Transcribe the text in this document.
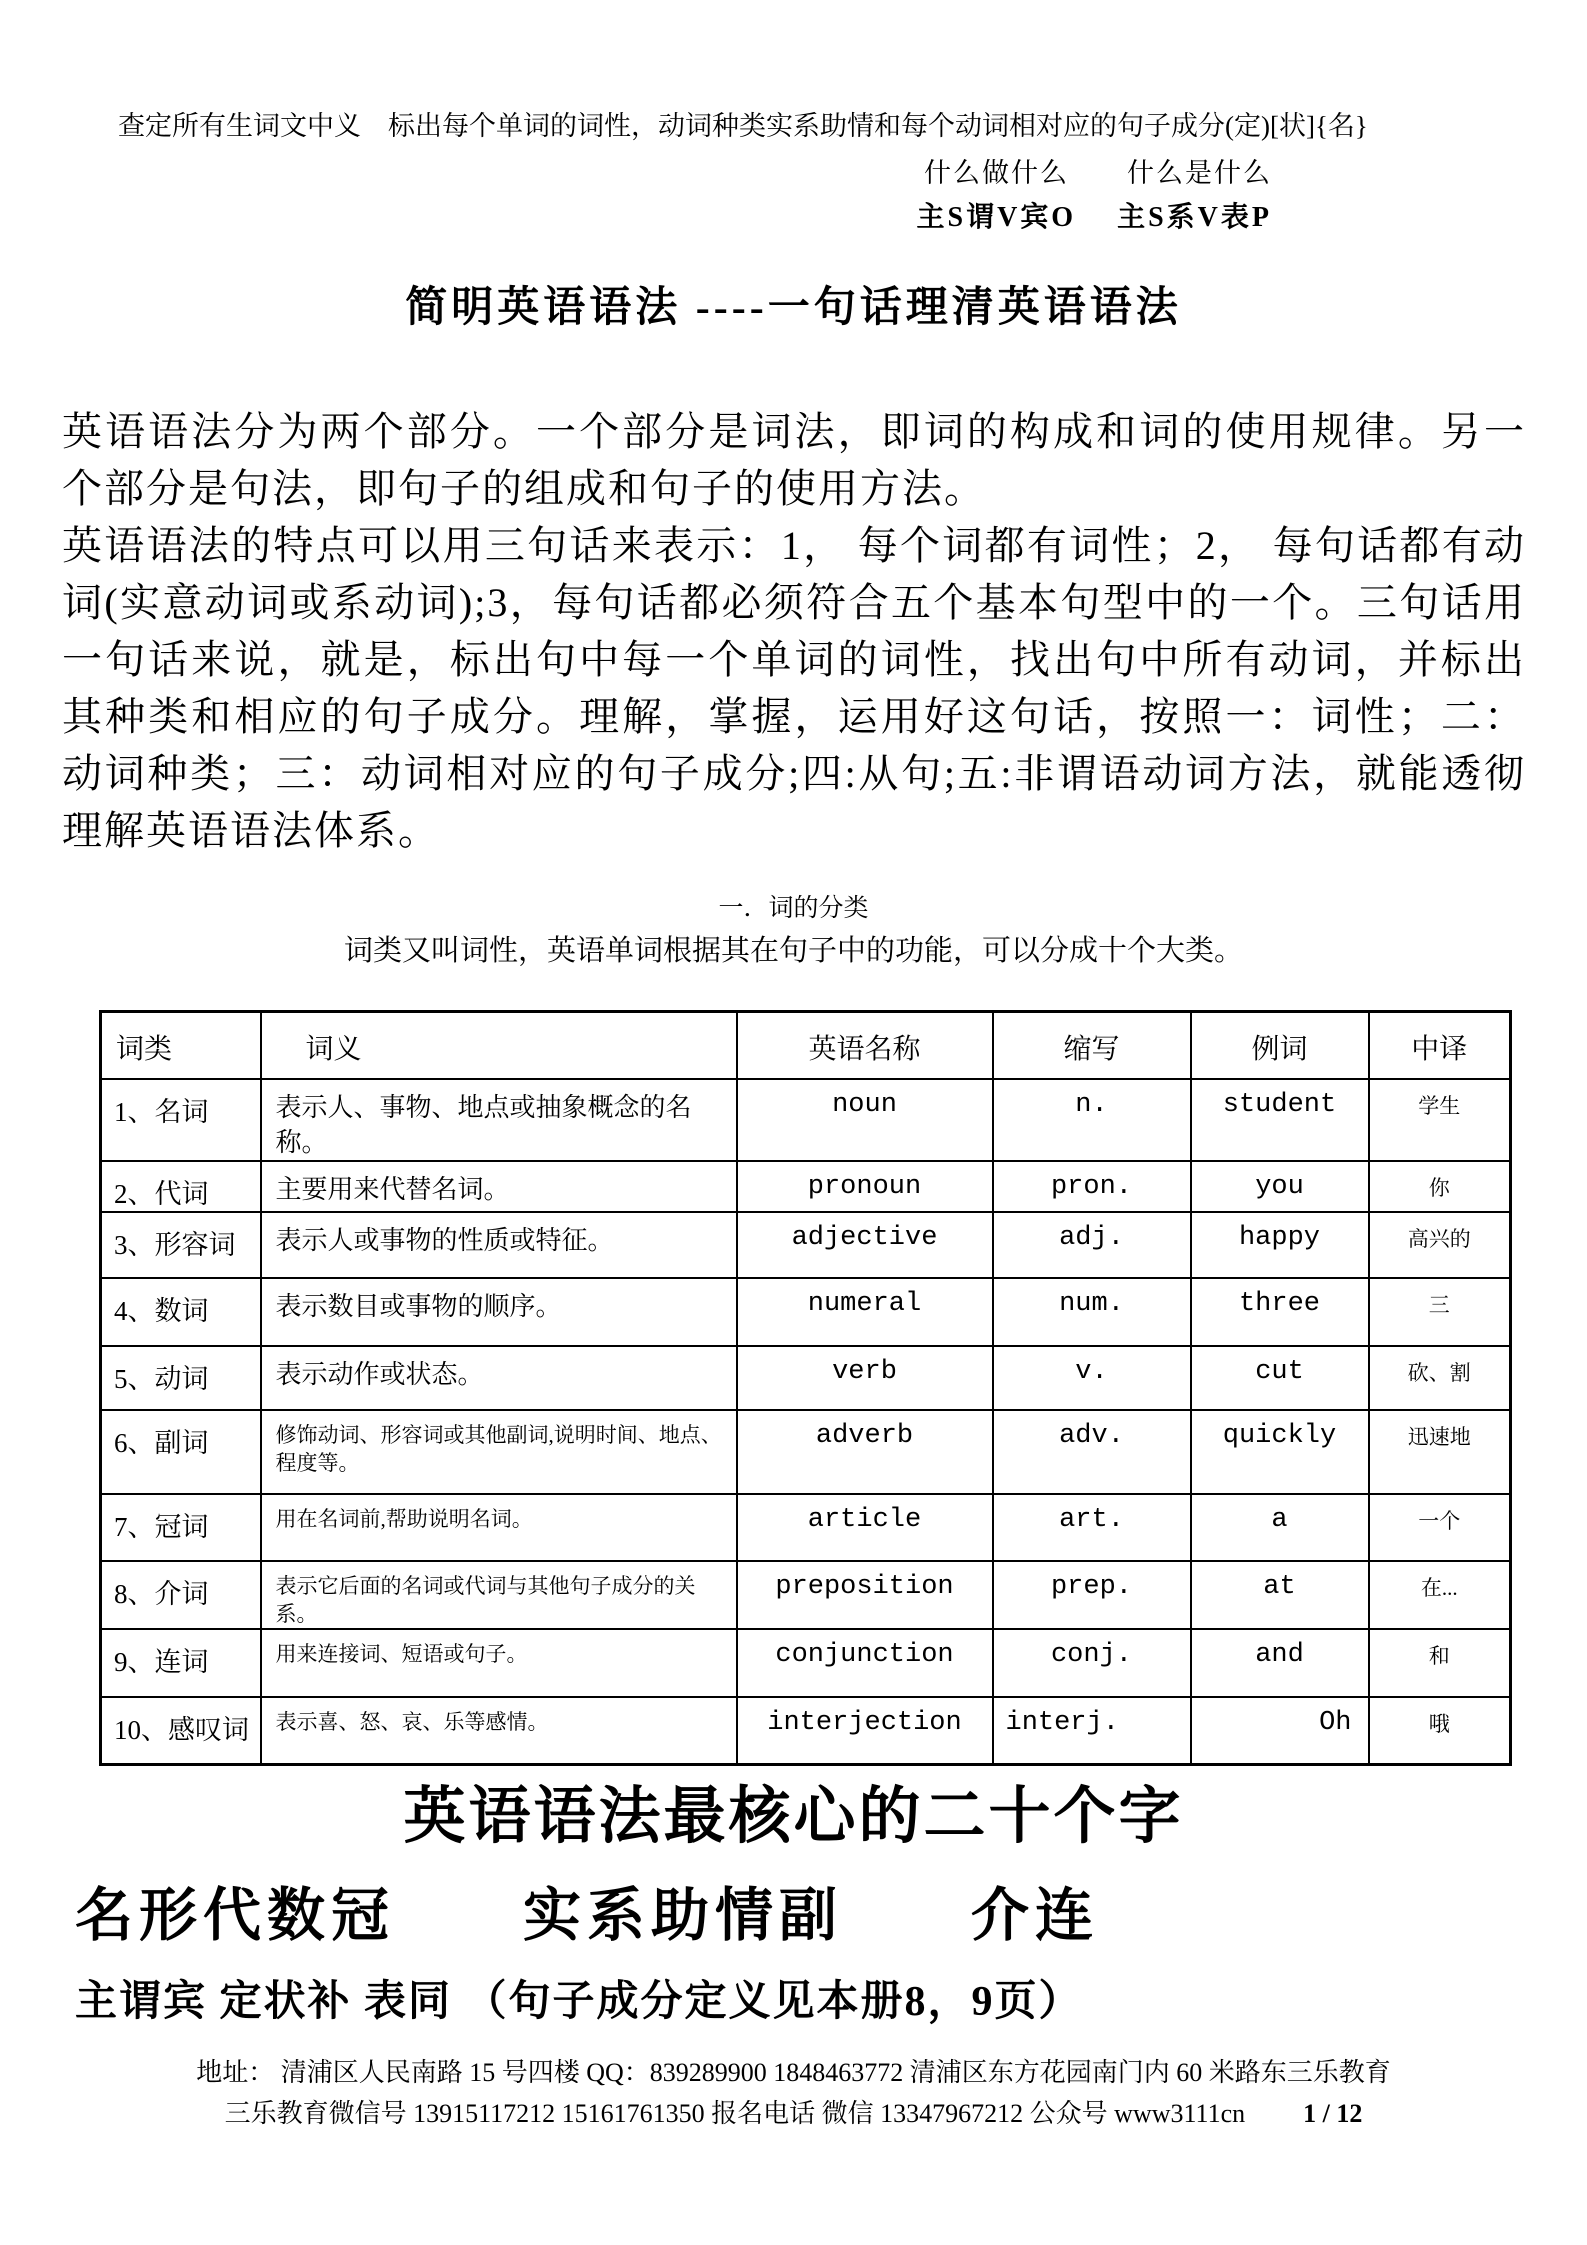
查定所有生词文中义　标出每个单词的词性，动词种类实系助情和每个动词相对应的句子成分(定)[状]{名}
什么做什么　　什么是什么
主S谓V宾O　 主S系V表P
简明英语语法 ----一句话理清英语语法

英语语法分为两个部分。一个部分是词法，即词的构成和词的使用规律。另一个部分是句法，即句子的组成和句子的使用方法。

英语语法的特点可以用三句话来表示：1， 每个词都有词性；2， 每句话都有动词(实意动词或系动词);3，每句话都必须符合五个基本句型中的一个。三句话用一句话来说，就是，标出句中每一个单词的词性，找出句中所有动词，并标出其种类和相应的句子成分。理解，掌握，运用好这句话，按照一：词性；二：动词种类；三：动词相对应的句子成分;四:从句;五:非谓语动词方法，就能透彻理解英语语法体系。

一．词的分类
词类又叫词性，英语单词根据其在句子中的功能，可以分成十个大类。
词类	词义	英语名称	缩写	例词	中译
1、名词	表示人、事物、地点或抽象概念的名称。	noun	n.	student	学生
2、代词	主要用来代替名词。	pronoun	pron.	you	你
3、形容词	表示人或事物的性质或特征。	adjective	adj.	happy	高兴的
4、数词	表示数目或事物的顺序。	numeral	num.	three	三
5、动词	表示动作或状态。	verb	v.	cut	砍、割
6、副词	修饰动词、形容词或其他副词,说明时间、地点、程度等。	adverb	adv.	quickly	迅速地
7、冠词	用在名词前,帮助说明名词。	article	art.	a	一个
8、介词	表示它后面的名词或代词与其他句子成分的关系。	preposition	prep.	at	在...
9、连词	用来连接词、短语或句子。	conjunction	conj.	and	和
10、感叹词	表示喜、怒、哀、乐等感情。	interjection	interj.	Oh	哦
英语语法最核心的二十个字
名形代数冠　　实系助情副　　介连
主谓宾 定状补 表同 （句子成分定义见本册8，9页）
地址： 清浦区人民南路 15 号四楼 QQ：839289900 1848463772 清浦区东方花园南门内 60 米路东三乐教育
三乐教育微信号 13915117212 15161761350 报名电话 微信 13347967212 公众号 www3111cn 1 / 12
